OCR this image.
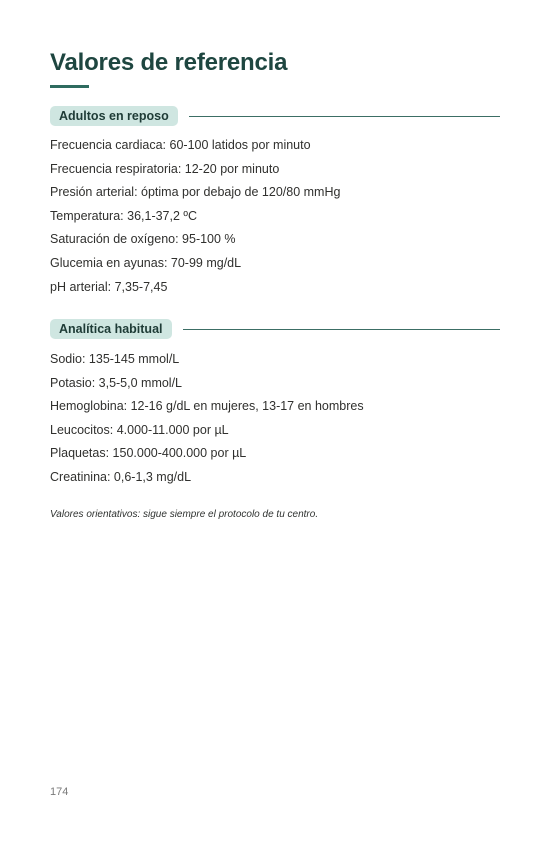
Valores de referencia
Adultos en reposo
Frecuencia cardiaca: 60-100 latidos por minuto
Frecuencia respiratoria: 12-20 por minuto
Presión arterial: óptima por debajo de 120/80 mmHg
Temperatura: 36,1-37,2 ºC
Saturación de oxígeno: 95-100 %
Glucemia en ayunas: 70-99 mg/dL
pH arterial: 7,35-7,45
Analítica habitual
Sodio: 135-145 mmol/L
Potasio: 3,5-5,0 mmol/L
Hemoglobina: 12-16 g/dL en mujeres, 13-17 en hombres
Leucocitos: 4.000-11.000 por µL
Plaquetas: 150.000-400.000 por µL
Creatinina: 0,6-1,3 mg/dL

Valores orientativos: sigue siempre el protocolo de tu centro.

174
